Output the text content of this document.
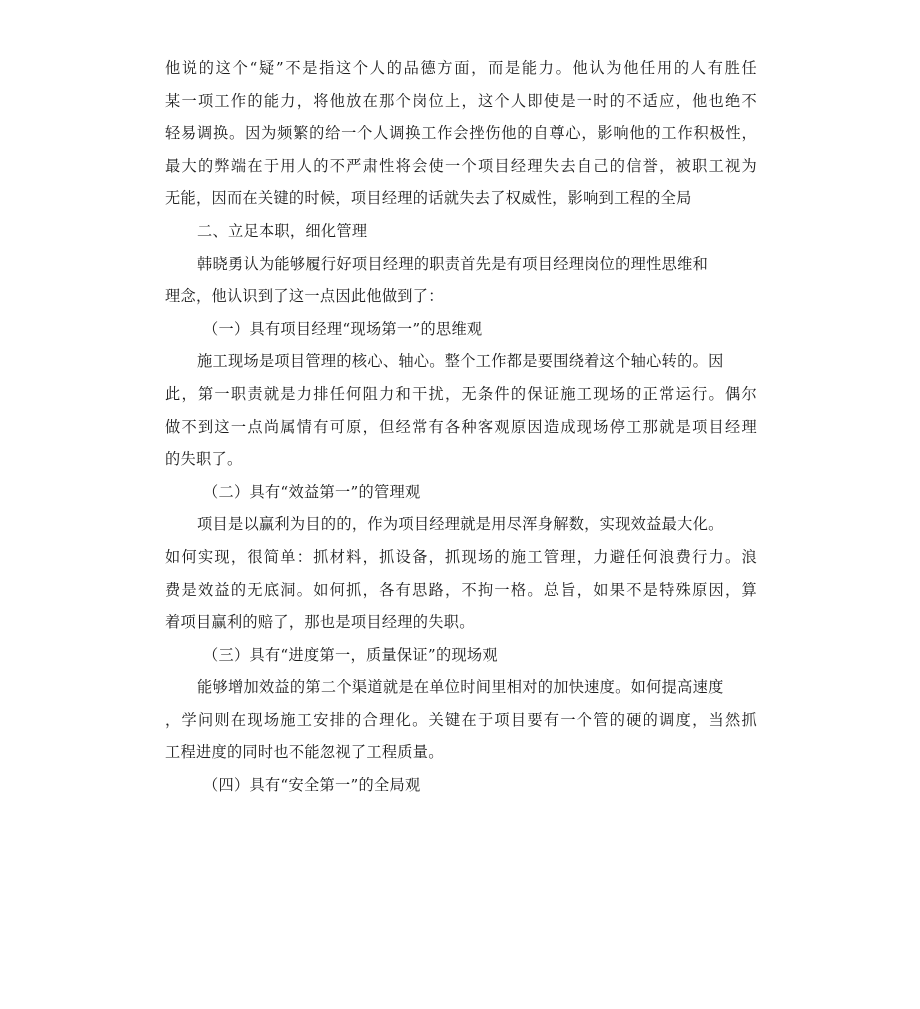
他说的这个“疑”不是指这个人的品德方面，而是能力。他认为他任用的人有胜任
某一项工作的能力，将他放在那个岗位上，这个人即使是一时的不适应，他也绝不
轻易调换。因为频繁的给一个人调换工作会挫伤他的自尊心，影响他的工作积极性，
最大的弊端在于用人的不严肃性将会使一个项目经理失去自己的信誉，被职工视为
无能，因而在关键的时候，项目经理的话就失去了权威性，影响到工程的全局
二、立足本职，细化管理
韩晓勇认为能够履行好项目经理的职责首先是有项目经理岗位的理性思维和
理念，他认识到了这一点因此他做到了：
（一）具有项目经理“现场第一”的思维观
施工现场是项目管理的核心、轴心。整个工作都是要围绕着这个轴心转的。因
此，第一职责就是力排任何阻力和干扰，无条件的保证施工现场的正常运行。偶尔
做不到这一点尚属情有可原，但经常有各种客观原因造成现场停工那就是项目经理
的失职了。
（二）具有“效益第一”的管理观
项目是以赢利为目的的，作为项目经理就是用尽浑身解数，实现效益最大化。
如何实现，很简单：抓材料，抓设备，抓现场的施工管理，力避任何浪费行力。浪
费是效益的无底洞。如何抓，各有思路，不拘一格。总旨，如果不是特殊原因，算
着项目赢利的赔了，那也是项目经理的失职。
（三）具有“进度第一，质量保证”的现场观
能够增加效益的第二个渠道就是在单位时间里相对的加快速度。如何提高速度
，学问则在现场施工安排的合理化。关键在于项目要有一个管的硬的调度，当然抓
工程进度的同时也不能忽视了工程质量。
（四）具有“安全第一”的全局观
